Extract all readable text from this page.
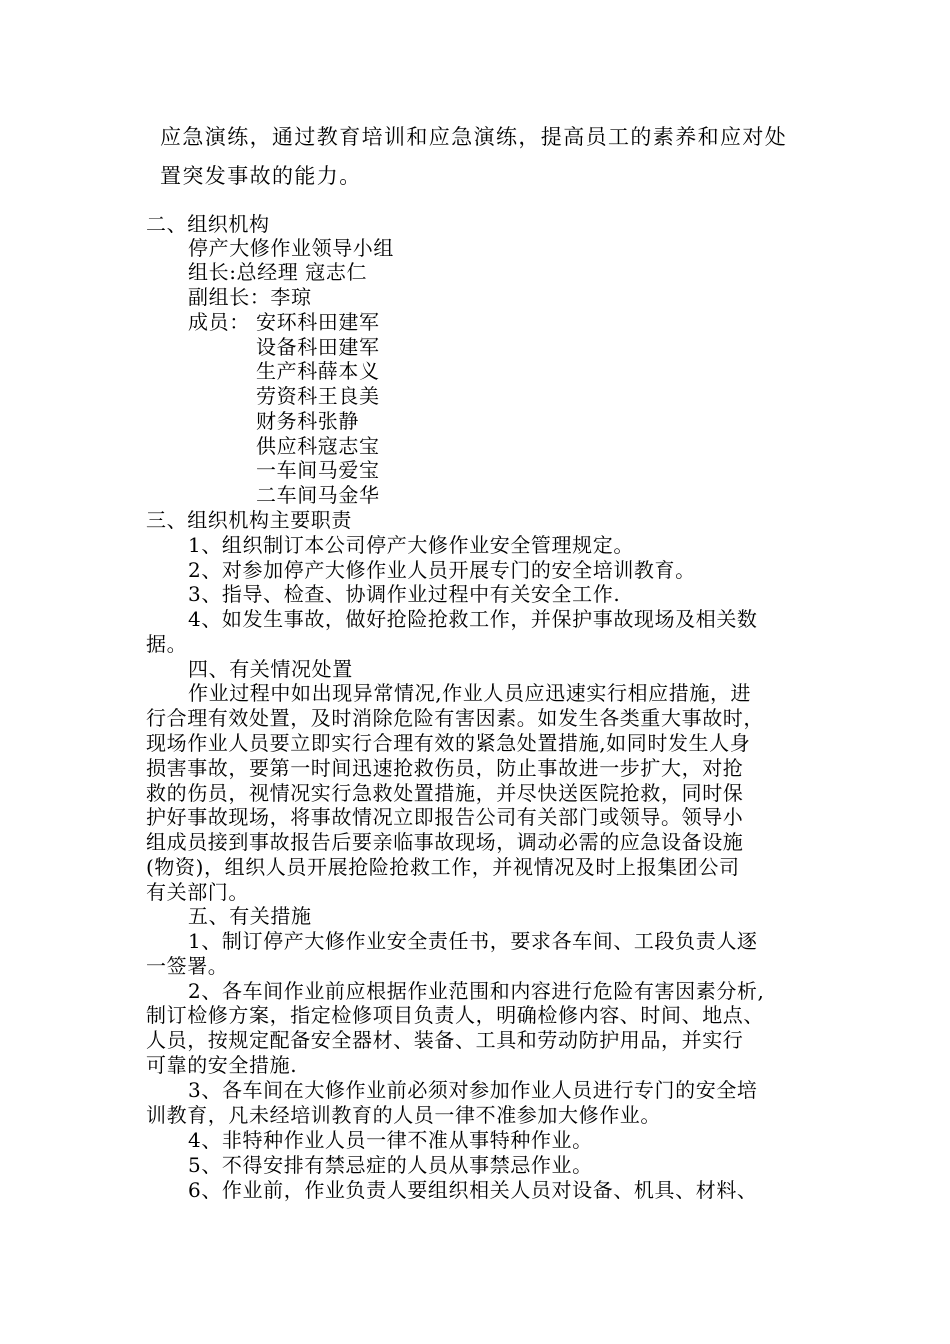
应急演练，通过教育培训和应急演练，提高员工的素养和应对处
置突发事故的能力。
二、组织机构
停产大修作业领导小组
组长:总经理 寇志仁
副组长：李琼
成员： 安环科田建军
设备科田建军
生产科薛本义
劳资科王良美
财务科张静
供应科寇志宝
一车间马爱宝
二车间马金华
三、组织机构主要职责
1、组织制订本公司停产大修作业安全管理规定。
2、对参加停产大修作业人员开展专门的安全培训教育。
3、指导、检查、协调作业过程中有关安全工作.
4、如发生事故，做好抢险抢救工作，并保护事故现场及相关数
据。
四、有关情况处置
作业过程中如出现异常情况,作业人员应迅速实行相应措施，进
行合理有效处置，及时消除危险有害因素。如发生各类重大事故时，
现场作业人员要立即实行合理有效的紧急处置措施,如同时发生人身
损害事故，要第一时间迅速抢救伤员，防止事故进一步扩大，对抢
救的伤员，视情况实行急救处置措施，并尽快送医院抢救，同时保
护好事故现场，将事故情况立即报告公司有关部门或领导。领导小
组成员接到事故报告后要亲临事故现场，调动必需的应急设备设施
(物资)，组织人员开展抢险抢救工作，并视情况及时上报集团公司
有关部门。
五、有关措施
1、制订停产大修作业安全责任书，要求各车间、工段负责人逐
一签署。
2、各车间作业前应根据作业范围和内容进行危险有害因素分析,
制订检修方案，指定检修项目负责人，明确检修内容、时间、地点、
人员，按规定配备安全器材、装备、工具和劳动防护用品，并实行
可靠的安全措施.
3、各车间在大修作业前必须对参加作业人员进行专门的安全培
训教育，凡未经培训教育的人员一律不准参加大修作业。
4、非特种作业人员一律不准从事特种作业。
5、不得安排有禁忌症的人员从事禁忌作业。
6、作业前，作业负责人要组织相关人员对设备、机具、材料、
